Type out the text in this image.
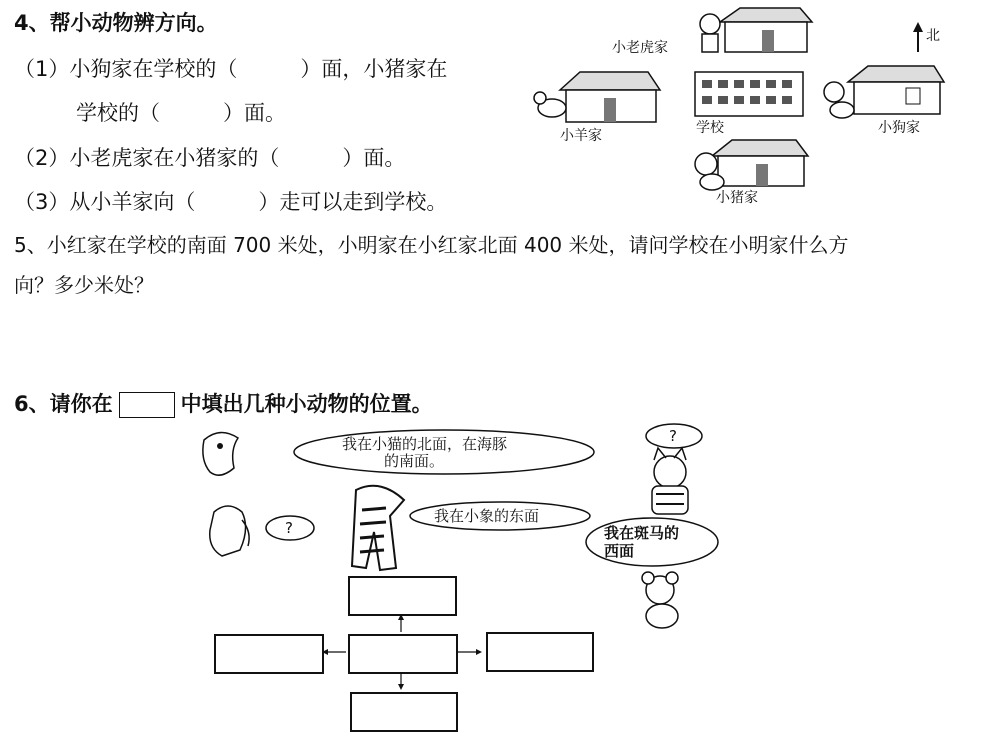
4、帮小动物辨方向。
（1）小狗家在学校的（　　　）面，小猪家在
学校的（　　　）面。
（2）小老虎家在小猪家的（　　　）面。
（3）从小羊家向（　　　）走可以走到学校。
北
小老虎家
小羊家	学校	小狗家
小猪家
5、小红家在学校的南面 700 米处，小明家在小红家北面 400 米处，请问学校在小明家什么方
向？多少米处？
6、请你在	中填出几种小动物的位置。
?
我在小猫的北面，在海豚
的南面。
我在小象的东面
我在斑马的
西面
?
